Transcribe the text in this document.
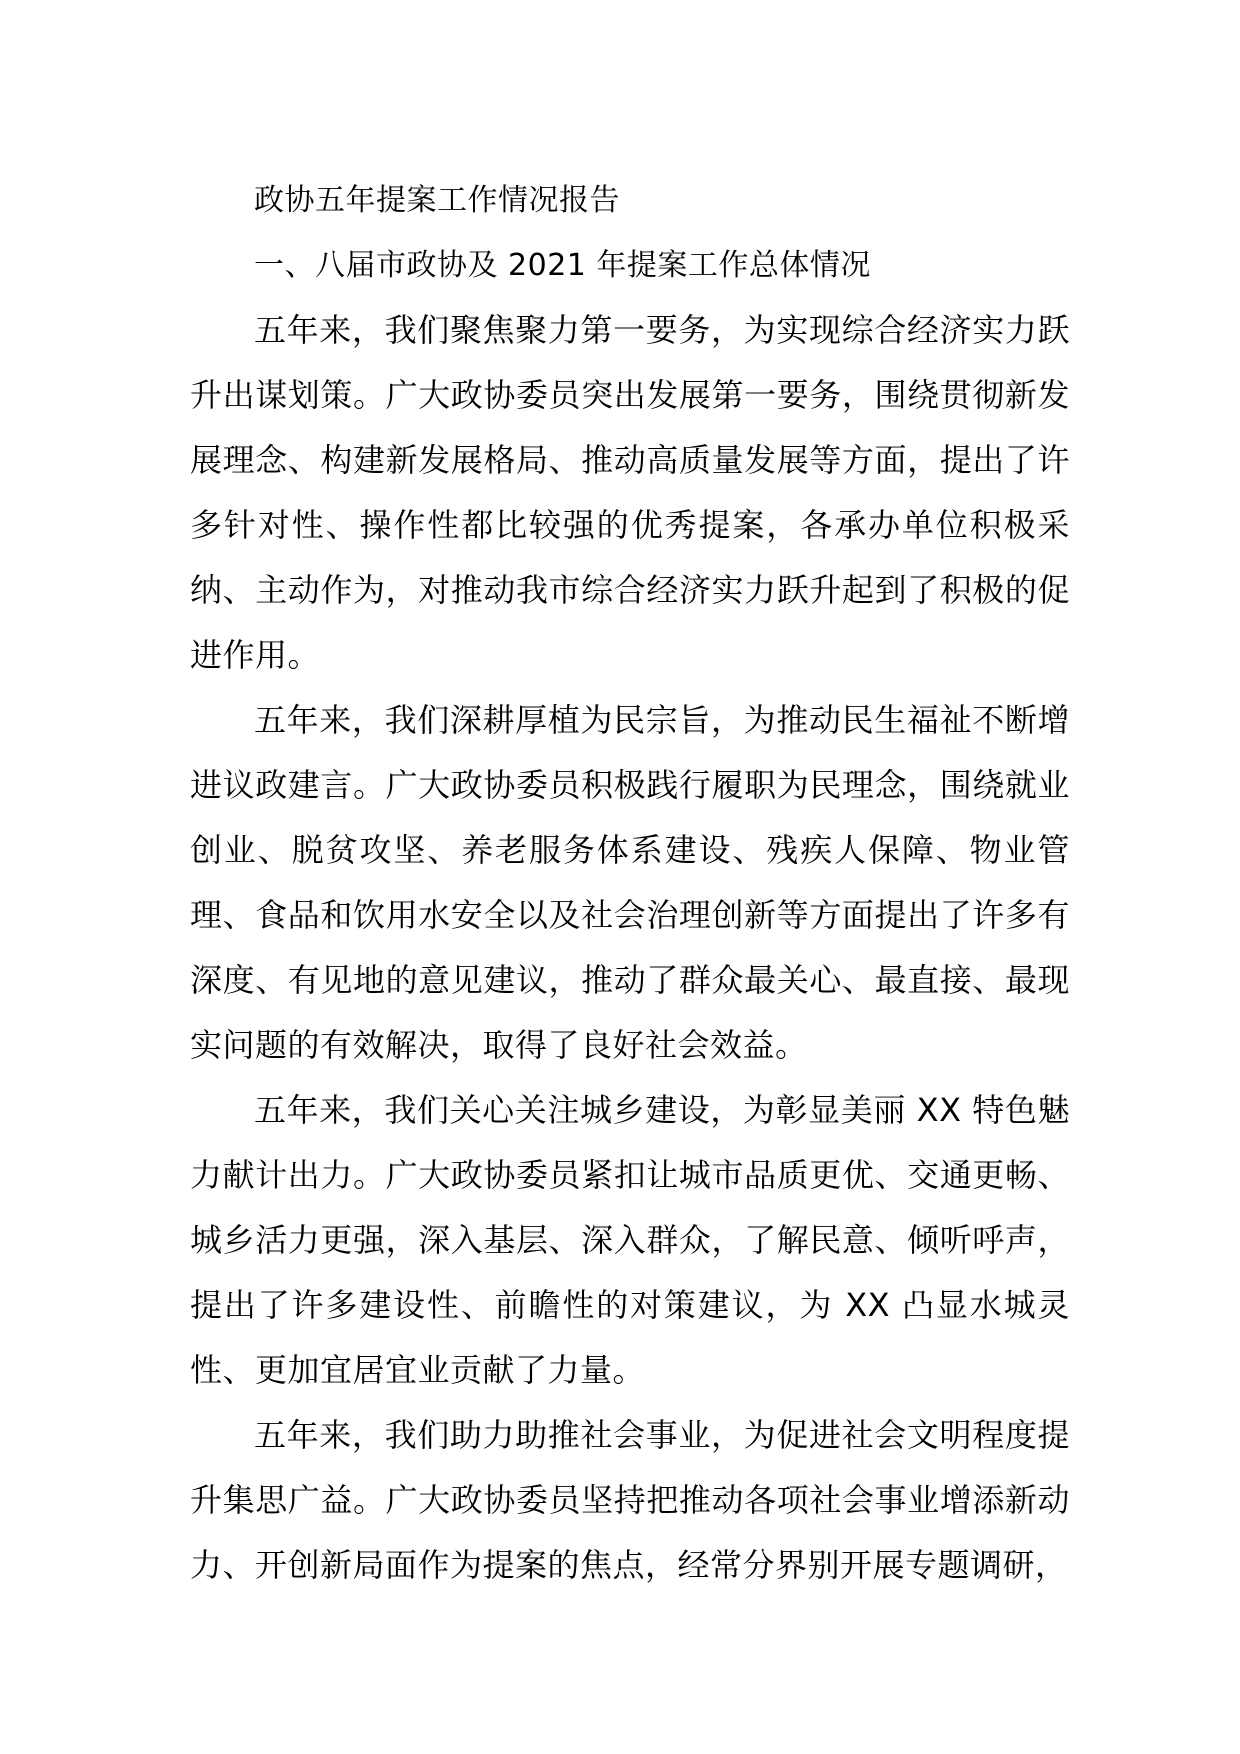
政协五年提案工作情况报告

一、八届市政协及 2021 年提案工作总体情况

五年来，我们聚焦聚力第一要务，为实现综合经济实力跃升出谋划策。广大政协委员突出发展第一要务，围绕贯彻新发展理念、构建新发展格局、推动高质量发展等方面，提出了许多针对性、操作性都比较强的优秀提案，各承办单位积极采纳、主动作为，对推动我市综合经济实力跃升起到了积极的促进作用。

五年来，我们深耕厚植为民宗旨，为推动民生福祉不断增进议政建言。广大政协委员积极践行履职为民理念，围绕就业创业、脱贫攻坚、养老服务体系建设、残疾人保障、物业管理、食品和饮用水安全以及社会治理创新等方面提出了许多有深度、有见地的意见建议，推动了群众最关心、最直接、最现实问题的有效解决，取得了良好社会效益。

五年来，我们关心关注城乡建设，为彰显美丽 XX 特色魅力献计出力。广大政协委员紧扣让城市品质更优、交通更畅、城乡活力更强，深入基层、深入群众，了解民意、倾听呼声，提出了许多建设性、前瞻性的对策建议，为 XX 凸显水城灵性、更加宜居宜业贡献了力量。

五年来，我们助力助推社会事业，为促进社会文明程度提升集思广益。广大政协委员坚持把推动各项社会事业增添新动力、开创新局面作为提案的焦点，经常分界别开展专题调研，
